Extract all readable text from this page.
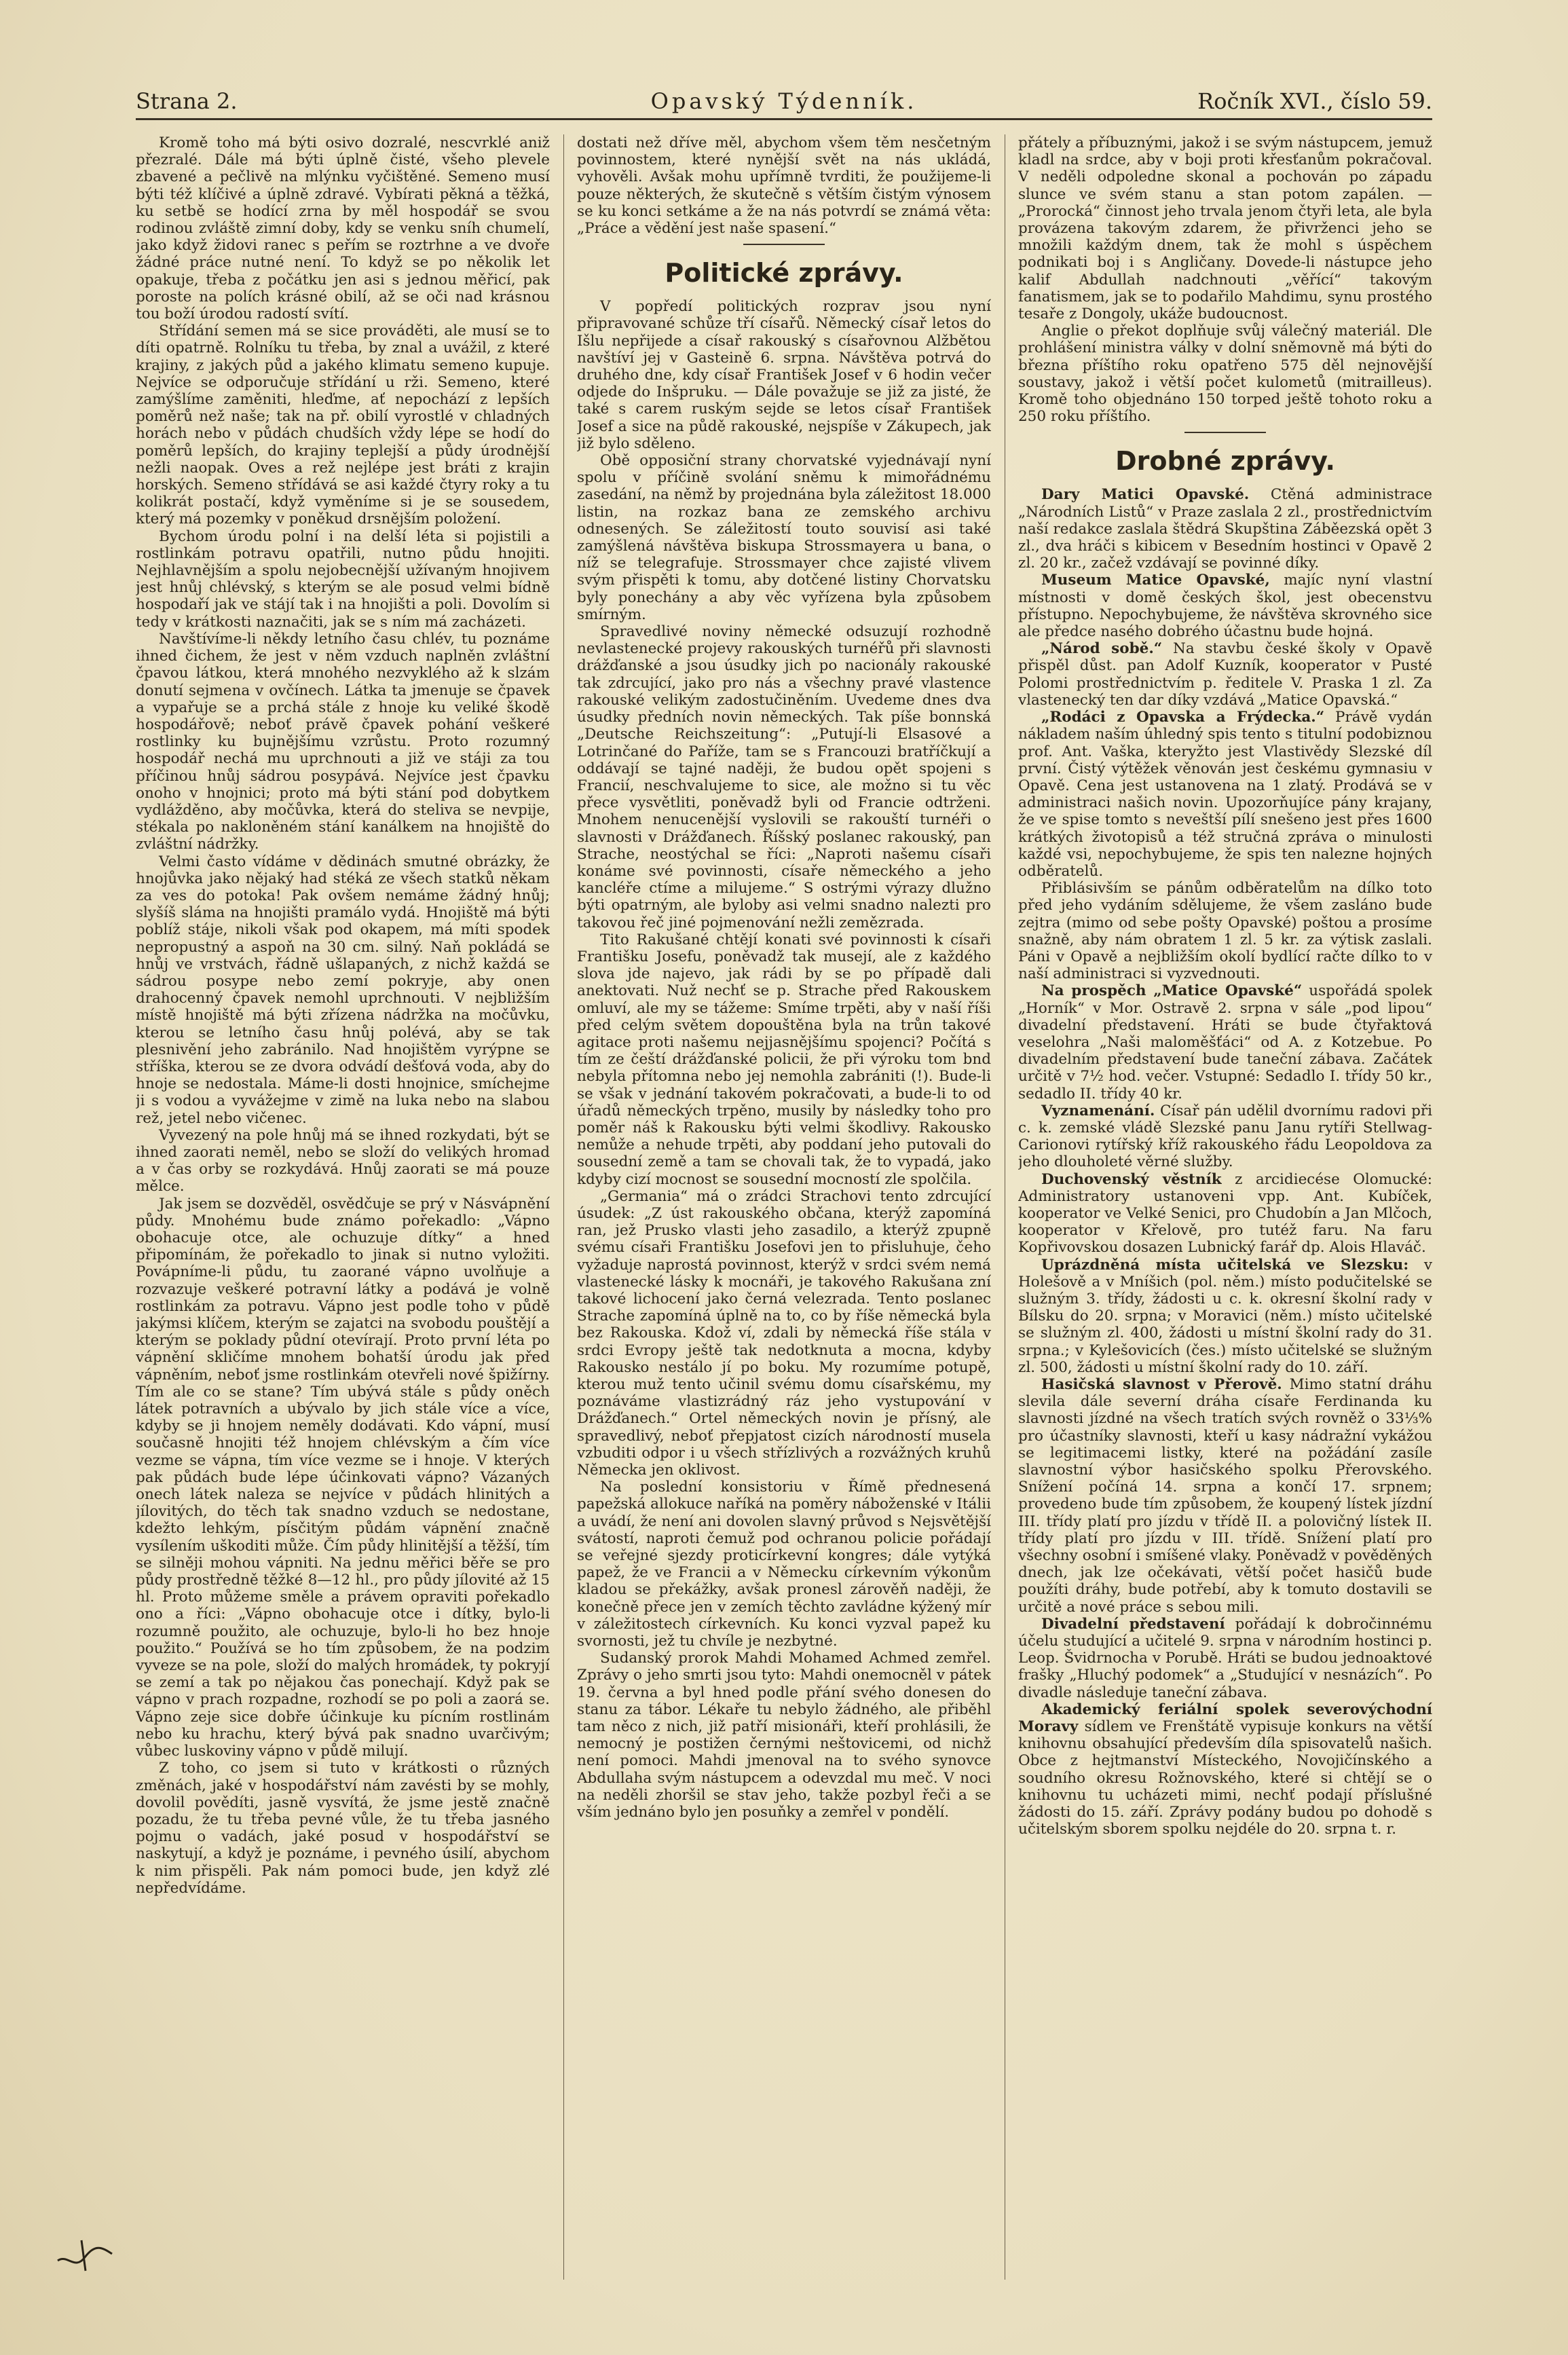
Strana 2.	Opavský Týdenník.	Ročník XVI., číslo 59.

Kromě toho má býti osivo dozralé, nescvrklé aniž přezralé. Dále má býti úplně čisté, všeho plevele zbavené a pečlivě na mlýnku vyčištěné. Semeno musí býti též klíčivé a úplně zdravé. Vybírati pěkná a těžká, ku setbě se hodící zrna by měl hospodář se svou rodinou zvláště zimní doby, kdy se venku sníh chumelí, jako když židovi ranec s peřím se roztrhne a ve dvoře žádné práce nutné není. To když se po několik let opakuje, třeba z počátku jen asi s jednou měřicí, pak poroste na polích krásné obilí, až se oči nad krásnou tou boží úrodou radostí svítí.

Střídání semen má se sice prováděti, ale musí se to díti opatrně. Rolníku tu třeba, by znal a uvážil, z které krajiny, z jakých půd a jakého klimatu semeno kupuje. Nejvíce se odporučuje střídání u rži. Semeno, které zamýšlíme zaměniti, hleďme, ať nepochází z lepších poměrů než naše; tak na př. obilí vyrostlé v chladných horách nebo v půdách chudších vždy lépe se hodí do poměrů lepších, do krajiny teplejší a půdy úrodnější nežli naopak. Oves a rež nejlépe jest bráti z krajin horských. Semeno střídává se asi každé čtyry roky a tu kolikrát postačí, když vyměníme si je se sousedem, který má pozemky v poněkud drsnějším položení.

Bychom úrodu polní i na delší léta si pojistili a rostlinkám potravu opatřili, nutno půdu hnojiti. Nejhlavnějším a spolu nejobecnější užívaným hnojivem jest hnůj chlévský, s kterým se ale posud velmi bídně hospodaří jak ve stájí tak i na hnojišti a poli. Dovolím si tedy v krátkosti naznačiti, jak se s ním má zacházeti.

Navštívíme-li někdy letního času chlév, tu poznáme ihned čichem, že jest v něm vzduch naplněn zvláštní čpavou látkou, která mnohého nezvyklého až k slzám donutí sejmena v ovčínech. Látka ta jmenuje se čpavek a vypařuje se a prchá stále z hnoje ku veliké škodě hospodářově; neboť právě čpavek pohání veškeré rostlinky ku bujnějšímu vzrůstu. Proto rozumný hospodář nechá mu uprchnouti a již ve stáji za tou příčinou hnůj sádrou posypává. Nejvíce jest čpavku onoho v hnojnici; proto má býti stání pod dobytkem vydlážděno, aby močůvka, která do steliva se nevpije, stékala po nakloněném stání kanálkem na hnojiště do zvláštní nádržky.

Velmi často vídáme v dědinách smutné obrázky, že hnojůvka jako nějaký had stéká ze všech statků někam za ves do potoka! Pak ovšem nemáme žádný hnůj; slyšíš sláma na hnojišti pramálo vydá. Hnojiště má býti poblíž stáje, nikoli však pod okapem, má míti spodek nepropustný a aspoň na 30 cm. silný. Naň pokládá se hnůj ve vrstvách, řádně ušlapaných, z nichž každá se sádrou posype nebo zemí pokryje, aby onen drahocenný čpavek nemohl uprchnouti. V nejbližším místě hnojiště má býti zřízena nádržka na močůvku, kterou se letního času hnůj polévá, aby se tak plesnivění jeho zabránilo. Nad hnojištěm vyrýpne se stříška, kterou se ze dvora odvádí dešťová voda, aby do hnoje se nedostala. Máme-li dosti hnojnice, smíchejme ji s vodou a vyvážejme v zimě na luka nebo na slabou rež, jetel nebo vičenec.

Vyvezený na pole hnůj má se ihned rozkydati, být se ihned zaorati neměl, nebo se složí do velikých hromad a v čas orby se rozkydává. Hnůj zaorati se má pouze mělce.

Jak jsem se dozvěděl, osvědčuje se prý v Násvápnění půdy. Mnohému bude známo pořekadlo: „Vápno obohacuje otce, ale ochuzuje dítky“ a hned připomínám, že pořekadlo to jinak si nutno vyložiti. Povápníme-li půdu, tu zaorané vápno uvolňuje a rozvazuje veškeré potravní látky a podává je volně rostlinkám za potravu. Vápno jest podle toho v půdě jakýmsi klíčem, kterým se zajatci na svobodu pouštějí a kterým se poklady půdní otevírají. Proto první léta po vápnění skličíme mnohem bohatší úrodu jak před vápněním, neboť jsme rostlinkám otevřeli nové špižírny. Tím ale co se stane? Tím ubývá stále s půdy oněch látek potravních a ubývalo by jich stále více a více, kdyby se ji hnojem neměly dodávati. Kdo vápní, musí současně hnojiti též hnojem chlévským a čím více vezme se vápna, tím více vezme se i hnoje. V kterých pak půdách bude lépe účinkovati vápno? Vázaných onech látek naleza se nejvíce v půdách hlinitých a jílovitých, do těch tak snadno vzduch se nedostane, kdežto lehkým, písčitým půdám vápnění značně vysílením uškoditi může. Čím půdy hlinitější a těžší, tím se silněji mohou vápniti. Na jednu měřici běře se pro půdy prostředně těžké 8—12 hl., pro půdy jílovité až 15 hl. Proto můžeme směle a právem opraviti pořekadlo ono a říci: „Vápno obohacuje otce i dítky, bylo-li rozumně použito, ale ochuzuje, bylo-li ho bez hnoje použito.“ Používá se ho tím způsobem, že na podzim vyveze se na pole, složí do malých hromádek, ty pokryjí se zemí a tak po nějakou čas ponechají. Když pak se vápno v prach rozpadne, rozhodí se po poli a zaorá se. Vápno zeje sice dobře účinkuje ku pícním rostlinám nebo ku hrachu, který bývá pak snadno uvarčivým; vůbec luskoviny vápno v půdě milují.

Z toho, co jsem si tuto v krátkosti o různých změnách, jaké v hospodářství nám zavésti by se mohly, dovolil povědíti, jasně vysvítá, že jsme jestě značně pozadu, že tu třeba pevné vůle, že tu třeba jasného pojmu o vadách, jaké posud v hospodářství se naskytují, a když je poznáme, i pevného úsilí, abychom k nim přispěli. Pak nám pomoci bude, jen když zlé nepředvídáme.

dostati než dříve měl, abychom všem těm nesčetným povinnostem, které nynější svět na nás ukládá, vyhověli. Avšak mohu upřímně tvrditi, že použijeme-li pouze některých, že skutečně s větším čistým výnosem se ku konci setkáme a že na nás potvrdí se známá věta: „Práce a vědění jest naše spasení.“

Politické zprávy.

V popředí politických rozprav jsou nyní připravované schůze tří císařů. Německý císař letos do Išlu nepřijede a císař rakouský s císařovnou Alžbětou navštíví jej v Gasteině 6. srpna. Návštěva potrvá do druhého dne, kdy císař František Josef v 6 hodin večer odjede do Inšpruku. — Dále považuje se již za jisté, že také s carem ruským sejde se letos císař František Josef a sice na půdě rakouské, nejspíše v Zákupech, jak již bylo sděleno.

Obě opposiční strany chorvatské vyjednávají nyní spolu v příčině svolání sněmu k mimořádnému zasedání, na němž by projednána byla záležitost 18.000 listin, na rozkaz bana ze zemského archivu odnesených. Se záležitostí touto souvisí asi také zamýšlená návštěva biskupa Strossmayera u bana, o níž se telegrafuje. Strossmayer chce zajisté vlivem svým přispěti k tomu, aby dotčené listiny Chorvatsku byly ponechány a aby věc vyřízena byla způsobem smírným.

Spravedlivé noviny německé odsuzují rozhodně nevlastenecké projevy rakouských turnéřů při slavnosti drážďanské a jsou úsudky jich po nacionály rakouské tak zdrcující, jako pro nás a všechny pravé vlastence rakouské velikým zadostučiněním. Uvedeme dnes dva úsudky předních novin německých. Tak píše bonnská „Deutsche Reichszeitung“: „Putují-li Elsasové a Lotrinčané do Paříže, tam se s Francouzi bratříčkují a oddávají se tajné naději, že budou opět spojeni s Francií, neschvalujeme to sice, ale možno si tu věc přece vysvětliti, poněvadž byli od Francie odtrženi. Mnohem nenucenější vyslovili se rakouští turnéři o slavnosti v Drážďanech. Říšský poslanec rakouský, pan Strache, neostýchal se říci: „Naproti našemu císaři konáme své povinnosti, císaře německého a jeho kancléře ctíme a milujeme.“ S ostrými výrazy dlužno býti opatrným, ale byloby asi velmi snadno nalezti pro takovou řeč jiné pojmenování nežli zemězrada.

Tito Rakušané chtějí konati své povinnosti k císaři Františku Josefu, poněvadž tak musejí, ale z každého slova jde najevo, jak rádi by se po případě dali anektovati. Nuž nechť se p. Strache před Rakouskem omluví, ale my se tážeme: Smíme trpěti, aby v naší říši před celým světem dopouštěna byla na trůn takové agitace proti našemu nejjasnějšímu spojenci? Počítá s tím ze čeští drážďanské policii, že při výroku tom bnd nebyla přítomna nebo jej nemohla zabrániti (!). Bude-li se však v jednání takovém pokračovati, a bude-li to od úřadů německých trpěno, musily by následky toho pro poměr náš k Rakousku býti velmi škodlivy. Rakousko nemůže a nehude trpěti, aby poddaní jeho putovali do sousední země a tam se chovali tak, že to vypadá, jako kdyby cizí mocnost se sousední mocností zle spolčila.

„Germania“ má o zrádci Strachovi tento zdrcující úsudek: „Z úst rakouského občana, kterýž zapomíná ran, jež Prusko vlasti jeho zasadilo, a kterýž zpupně svému císaři Františku Josefovi jen to přisluhuje, čeho vyžaduje naprostá povinnost, kterýž v srdci svém nemá vlastenecké lásky k mocnáři, je takového Rakušana zní takové lichocení jako černá velezrada. Tento poslanec Strache zapomíná úplně na to, co by říše německá byla bez Rakouska. Kdož ví, zdali by německá říše stála v srdci Evropy ještě tak nedotknuta a mocna, kdyby Rakousko nestálo jí po boku. My rozumíme potupě, kterou muž tento učinil svému domu císařskému, my poznáváme vlastizrádný ráz jeho vystupování v Drážďanech.“ Ortel německých novin je přísný, ale spravedlivý, neboť přepjatost cizích národností musela vzbuditi odpor i u všech střízlivých a rozvážných kruhů Německa jen oklivost.

Na poslední konsistoriu v Římě přednesená papežská allokuce naříká na poměry náboženské v Itálii a uvádí, že není ani dovolen slavný průvod s Nejsvětější svátostí, naproti čemuž pod ochranou policie pořádají se veřejné sjezdy proticírkevní kongres; dále vytýká papež, že ve Francii a v Německu církevním výkonům kladou se překážky, avšak pronesl zárověň naději, že konečně přece jen v zemích těchto zavládne kýžený mír v záležitostech církevních. Ku konci vyzval papež ku svornosti, jež tu chvíle je nezbytné.

Sudanský prorok Mahdi Mohamed Achmed zemřel. Zprávy o jeho smrti jsou tyto: Mahdi onemocněl v pátek 19. června a byl hned podle přání svého donesen do stanu za tábor. Lékaře tu nebylo žádného, ale přiběhl tam něco z nich, již patří misionáři, kteří prohlásili, že nemocný je postižen černými neštovicemi, od nichž není pomoci. Mahdi jmenoval na to svého synovce Abdullaha svým nástupcem a odevzdal mu meč. V noci na neděli zhoršil se stav jeho, takže pozbyl řeči a se vším jednáno bylo jen posuňky a zemřel v pondělí.

přátely a příbuznými, jakož i se svým nástupcem, jemuž kladl na srdce, aby v boji proti křesťanům pokračoval. V neděli odpoledne skonal a pochován po západu slunce ve svém stanu a stan potom zapálen. — „Prorocká“ činnost jeho trvala jenom čtyři leta, ale byla provázena takovým zdarem, že přivrženci jeho se množili každým dnem, tak že mohl s úspěchem podnikati boj i s Angličany. Dovede-li nástupce jeho kalif Abdullah nadchnouti „věřící“ takovým fanatismem, jak se to podařilo Mahdimu, synu prostého tesaře z Dongoly, ukáže budoucnost.

Anglie o překot doplňuje svůj válečný materiál. Dle prohlášení ministra války v dolní sněmovně má býti do března příštího roku opatřeno 575 děl nejnovější soustavy, jakož i větší počet kulometů (mitrailleus). Kromě toho objednáno 150 torped ještě tohoto roku a 250 roku příštího.

Drobné zprávy.

Dary Matici Opavské. Ctěná administrace „Národních Listů“ v Praze zaslala 2 zl., prostřednictvím naší redakce zaslala štědrá Skupština Záběezská opět 3 zl., dva hráči s kibicem v Besedním hostinci v Opavě 2 zl. 20 kr., začež vzdávají se povinné díky.

Museum Matice Opavské, majíc nyní vlastní místnosti v domě českých škol, jest obecenstvu přístupno. Nepochybujeme, že návštěva skrovného sice ale předce nasého dobrého účastnu bude hojná.

„Národ sobě.“ Na stavbu české školy v Opavě přispěl důst. pan Adolf Kuzník, kooperator v Pusté Polomi prostřednictvím p. ředitele V. Praska 1 zl. Za vlastenecký ten dar díky vzdává „Matice Opavská.“

„Rodáci z Opavska a Frýdecka.“ Právě vydán nákladem naším úhledný spis tento s titulní podobiznou prof. Ant. Vaška, kteryžto jest Vlastivědy Slezské díl první. Čistý výtěžek věnován jest českému gymnasiu v Opavě. Cena jest ustanovena na 1 zlatý. Prodává se v administraci našich novin. Upozorňujíce pány krajany, že ve spise tomto s neveštší pílí snešeno jest přes 1600 krátkých životopisů a též stručná zpráva o minulosti každé vsi, nepochybujeme, že spis ten naleznе hojných odběratelů.

Přiblásivším se pánům odběratelům na dílko toto před jeho vydáním sdělujeme, že všem zasláno bude zejtra (mimo od sebe pošty Opavské) poštou a prosíme snažně, aby nám obratem 1 zl. 5 kr. za výtisk zaslali. Páni v Opavě a nejbližším okolí bydlící račte dílko to v naší administraci si vyzvednouti.

Na prospěch „Matice Opavské“ uspořádá spolek „Horník“ v Mor. Ostravě 2. srpna v sále „pod lipou“ divadelní představení. Hráti se bude čtyřaktová veselohra „Naši maloměšťáci“ od A. z Kotzebue. Po divadelním představení bude taneční zábava. Začátek určitě v 7½ hod. večer. Vstupné: Sedadlo I. třídy 50 kr., sedadlo II. třídy 40 kr.

Vyznamenání. Císař pán udělil dvornímu radovi při c. k. zemské vládě Slezské panu Janu rytíři Stellwag-Carionovi rytířský kříž rakouského řádu Leopoldova za jeho dlouholeté věrné služby.

Duchovenský věstník z arcidiecése Olomucké: Administratory ustanoveni vpp. Ant. Kubíček, kooperator ve Velké Senici, pro Chudobín a Jan Mlčoch, kooperator v Křelově, pro tutéž faru. Na faru Kopřivovskou dosazen Lubnický farář dp. Alois Hlaváč.

Uprázdněná místa učitelská ve Slezsku: v Holešově a v Mníšich (pol. něm.) místo podučitelské se služným 3. třídy, žádosti u c. k. okresní školní rady v Bílsku do 20. srpna; v Moravici (něm.) místo učitelské se služným zl. 400, žádosti u místní školní rady do 31. srpna.; v Kylešovicích (čes.) místo učitelské se služným zl. 500, žádosti u místní školní rady do 10. září.

Hasičská slavnost v Přerově. Mimo statní dráhu slevila dále severní dráha císaře Ferdinanda ku slavnosti jízdné na všech tratích svých rovněž o 33⅓% pro účastníky slavnosti, kteří u kasy nádražní vykážou se legitimacemi listky, které na požádání zasíle slavnostní výbor hasičského spolku Přerovského. Snížení počíná 14. srpna a končí 17. srpnem; provedeno bude tím způsobem, že koupený lístek jízdní III. třídy platí pro jízdu v třídě II. a polovičný lístek II. třídy platí pro jízdu v III. třídě. Snížení platí pro všechny osobní i smíšené vlaky. Poněvadž v pověděných dnech, jak lze očekávati, větší počet hasičů bude použíti dráhy, bude potřebí, aby k tomuto dostavili se určitě a nové práce s sebou mili.

Divadelní představení pořádají k dobročinnému účelu studující a učitelé 9. srpna v národním hostinci p. Leop. Švidrnocha v Porubě. Hráti se budou jednoaktové frašky „Hluchý podomek“ a „Studující v nesnázích“. Po divadle následuje taneční zábava.

Akademický feriální spolek severovýchodní Moravy sídlem ve Frenštátě vypisuje konkurs na větší knihovnu obsahující především díla spisovatelů našich. Obce z hejtmanství Místeckého, Novojičínského a soudního okresu Rožnovského, které si chtějí se o knihovnu tu ucházeti mimi, nechť podají příslušné žádosti do 15. září. Zprávy podány budou po dohodě s učitelským sborem spolku nejdéle do 20. srpna t. r.
